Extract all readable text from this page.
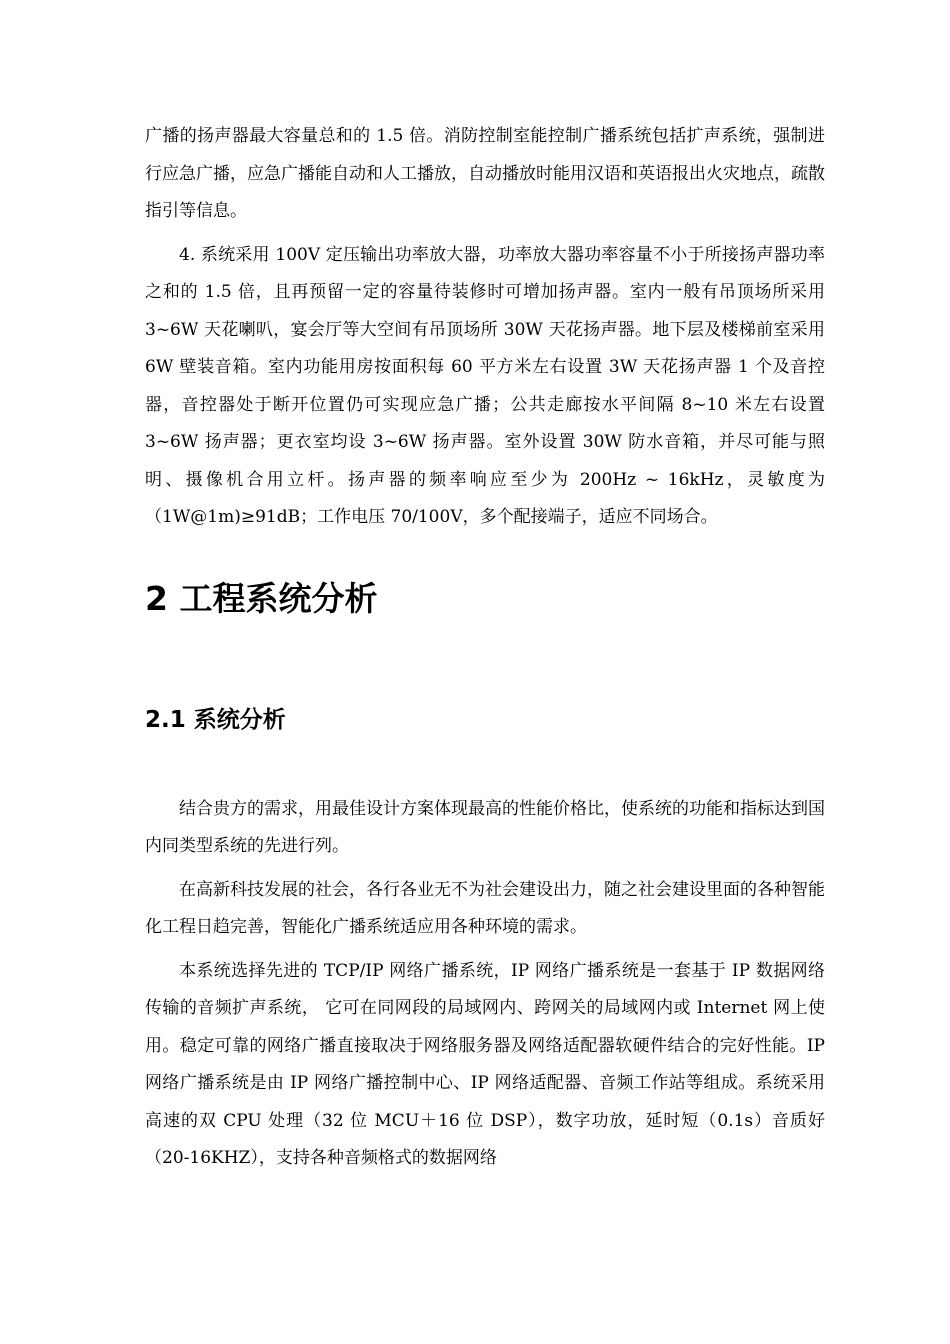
广播的扬声器最大容量总和的 1.5 倍。消防控制室能控制广播系统包括扩声系统，强制进行应急广播，应急广播能自动和人工播放，自动播放时能用汉语和英语报出火灾地点，疏散指引等信息。

4. 系统采用 100V 定压输出功率放大器，功率放大器功率容量不小于所接扬声器功率之和的 1.5 倍，且再预留一定的容量待装修时可增加扬声器。室内一般有吊顶场所采用 3~6W 天花喇叭，宴会厅等大空间有吊顶场所 30W 天花扬声器。地下层及楼梯前室采用 6W 壁装音箱。室内功能用房按面积每 60 平方米左右设置 3W 天花扬声器 1 个及音控器，音控器处于断开位置仍可实现应急广播；公共走廊按水平间隔 8~10 米左右设置 3~6W 扬声器；更衣室均设 3~6W 扬声器。室外设置 30W 防水音箱，并尽可能与照明、摄像机合用立杆。扬声器的频率响应至少为 200Hz ~ 16kHz，灵敏度为（1W@1m)≥91dB；工作电压 70/100V，多个配接端子，适应不同场合。

2 工程系统分析
2.1 系统分析

结合贵方的需求，用最佳设计方案体现最高的性能价格比，使系统的功能和指标达到国内同类型系统的先进行列。

在高新科技发展的社会，各行各业无不为社会建设出力，随之社会建设里面的各种智能化工程日趋完善，智能化广播系统适应用各种环境的需求。

本系统选择先进的 TCP/IP 网络广播系统，IP 网络广播系统是一套基于 IP 数据网络传输的音频扩声系统， 它可在同网段的局域网内、跨网关的局域网内或 Internet 网上使用。稳定可靠的网络广播直接取决于网络服务器及网络适配器软硬件结合的完好性能。IP 网络广播系统是由 IP 网络广播控制中心、IP 网络适配器、音频工作站等组成。系统采用高速的双 CPU 处理（32 位 MCU＋16 位 DSP），数字功放，延时短（0.1s）音质好（20-16KHZ），支持各种音频格式的数据网络
